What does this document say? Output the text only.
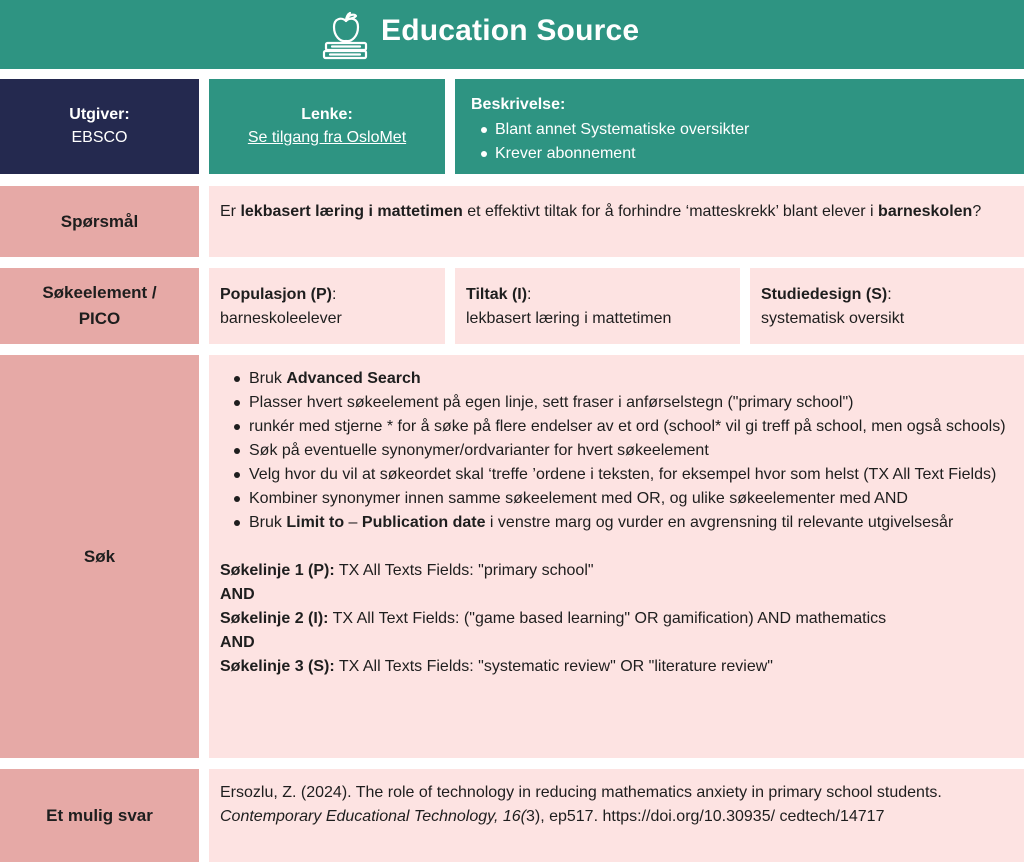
Education Source
Utgiver:
EBSCO
Lenke:
Se tilgang fra OsloMet
Beskrivelse:
Blant annet Systematiske oversikter
Krever abonnement
Spørsmål	Er lekbasert læring i mattetimen et effektivt tiltak for å forhindre ‘matteskrekk’ blant elever i barneskolen?
Søkeelement /
PICO
Populasjon (P):
barneskoleelever
Tiltak (I):
lekbasert læring i mattetimen
Studiedesign (S):
systematisk oversikt
Søk
Bruk Advanced Search
Plasser hvert søkeelement på egen linje, sett fraser i anførselstegn ("primary school")
runkér med stjerne * for å søke på flere endelser av et ord (school* vil gi treff på school, men også schools)
Søk på eventuelle synonymer/ordvarianter for hvert søkeelement
Velg hvor du vil at søkeordet skal ‘treffe ’ordene i teksten, for eksempel hvor som helst (TX All Text Fields)
Kombiner synonymer innen samme søkeelement med OR, og ulike søkeelementer med AND
Bruk Limit to – Publication date i venstre marg og vurder en avgrensning til relevante utgivelsesår
Søkelinje 1 (P): TX All Texts Fields: "primary school"
AND
Søkelinje 2 (I): TX All Text Fields: ("game based learning" OR gamification) AND mathematics
AND
Søkelinje 3 (S): TX All Texts Fields: "systematic review" OR "literature review"
Et mulig svar
Ersozlu, Z. (2024). The role of technology in reducing mathematics anxiety in primary school students. Contemporary Educational Technology, 16(3), ep517. https://doi.org/10.30935/ cedtech/14717
